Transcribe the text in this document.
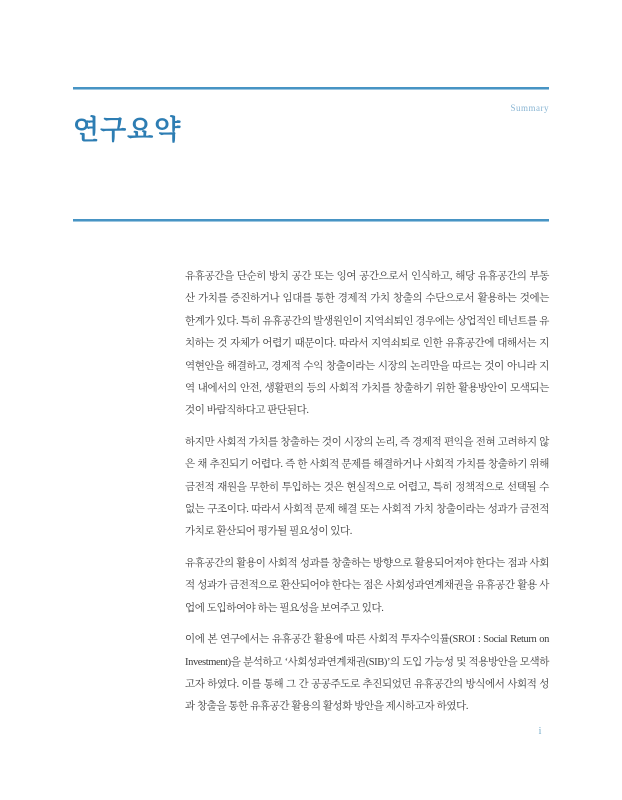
연구요약
Summary

유휴공간을 단순히 방치 공간 또는 잉여 공간으로서 인식하고, 해당 유휴공간의 부동산 가치를 증진하거나 임대를 통한 경제적 가치 창출의 수단으로서 활용하는 것에는 한계가 있다. 특히 유휴공간의 발생원인이 지역쇠퇴인 경우에는 상업적인 테넌트를 유치하는 것 자체가 어렵기 때문이다. 따라서 지역쇠퇴로 인한 유휴공간에 대해서는 지역현안을 해결하고, 경제적 수익 창출이라는 시장의 논리만을 따르는 것이 아니라 지역 내에서의 안전, 생활편의 등의 사회적 가치를 창출하기 위한 활용방안이 모색되는 것이 바람직하다고 판단된다.

하지만 사회적 가치를 창출하는 것이 시장의 논리, 즉 경제적 편익을 전혀 고려하지 않은 채 추진되기 어렵다. 즉 한 사회적 문제를 해결하거나 사회적 가치를 창출하기 위해 금전적 재원을 무한히 투입하는 것은 현실적으로 어렵고, 특히 정책적으로 선택될 수 없는 구조이다. 따라서 사회적 문제 해결 또는 사회적 가치 창출이라는 성과가 금전적 가치로 환산되어 평가될 필요성이 있다.

유휴공간의 활용이 사회적 성과를 창출하는 방향으로 활용되어져야 한다는 점과 사회적 성과가 금전적으로 환산되어야 한다는 점은 사회성과연계채권을 유휴공간 활용 사업에 도입하여야 하는 필요성을 보여주고 있다.

이에 본 연구에서는 유휴공간 활용에 따른 사회적 투자수익률(SROI : Social Return on Investment)을 분석하고 ‘사회성과연계채권(SIB)’의 도입 가능성 및 적용방안을 모색하고자 하였다. 이를 통해 그 간 공공주도로 추진되었던 유휴공간의 방식에서 사회적 성과 창출을 통한 유휴공간 활용의 활성화 방안을 제시하고자 하였다.

i
